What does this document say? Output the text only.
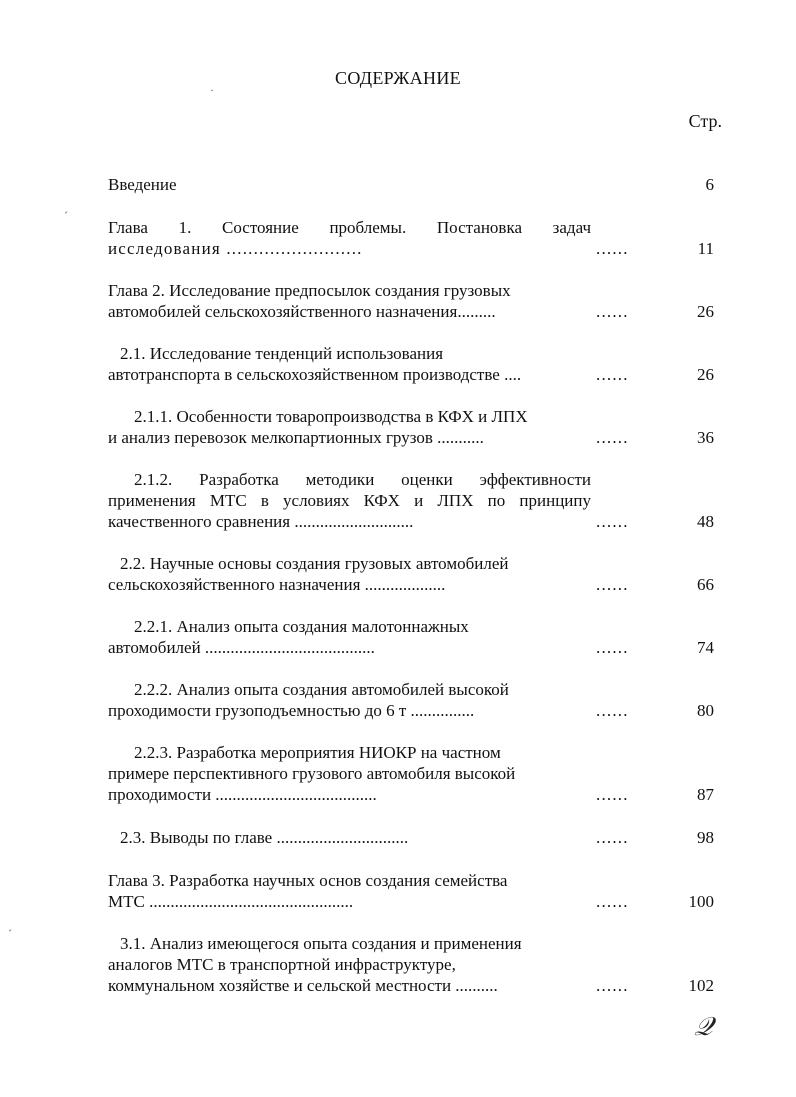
СОДЕРЖАНИЕ
Стр.
Введение	6
Глава 1. Состояние проблемы. Постановка задач
исследования .........................	......	11
Глава 2. Исследование предпосылок создания грузовых
автомобилей сельскохозяйственного назначения.........	......	26
2.1. Исследование тенденций использования
автотранспорта в сельскохозяйственном производстве ....	......	26
2.1.1. Особенности товаропроизводства в КФХ и ЛПХ
и анализ перевозок мелкопартионных грузов ...........	......	36
2.1.2. Разработка методики оценки эффективности
применения МТС в условиях КФХ и ЛПХ по принципу
качественного сравнения ............................	......	48
2.2. Научные основы создания грузовых автомобилей
сельскохозяйственного назначения ...................	......	66
2.2.1. Анализ опыта создания малотоннажных
автомобилей ........................................	......	74
2.2.2. Анализ опыта создания автомобилей высокой
проходимости грузоподъемностью до 6 т ...............	......	80
2.2.3. Разработка мероприятия НИОКР на частном
примере перспективного грузового автомобиля высокой
проходимости ......................................	......	87
2.3. Выводы по главе ...............................	......	98
Глава 3. Разработка научных основ создания семейства
МТС ................................................	......	100
3.1. Анализ имеющегося опыта создания и применения
аналогов МТС в транспортной инфраструктуре,
коммунальном хозяйстве и сельской местности ..........	......	102
·
ˊ
ˊ
𝒬
